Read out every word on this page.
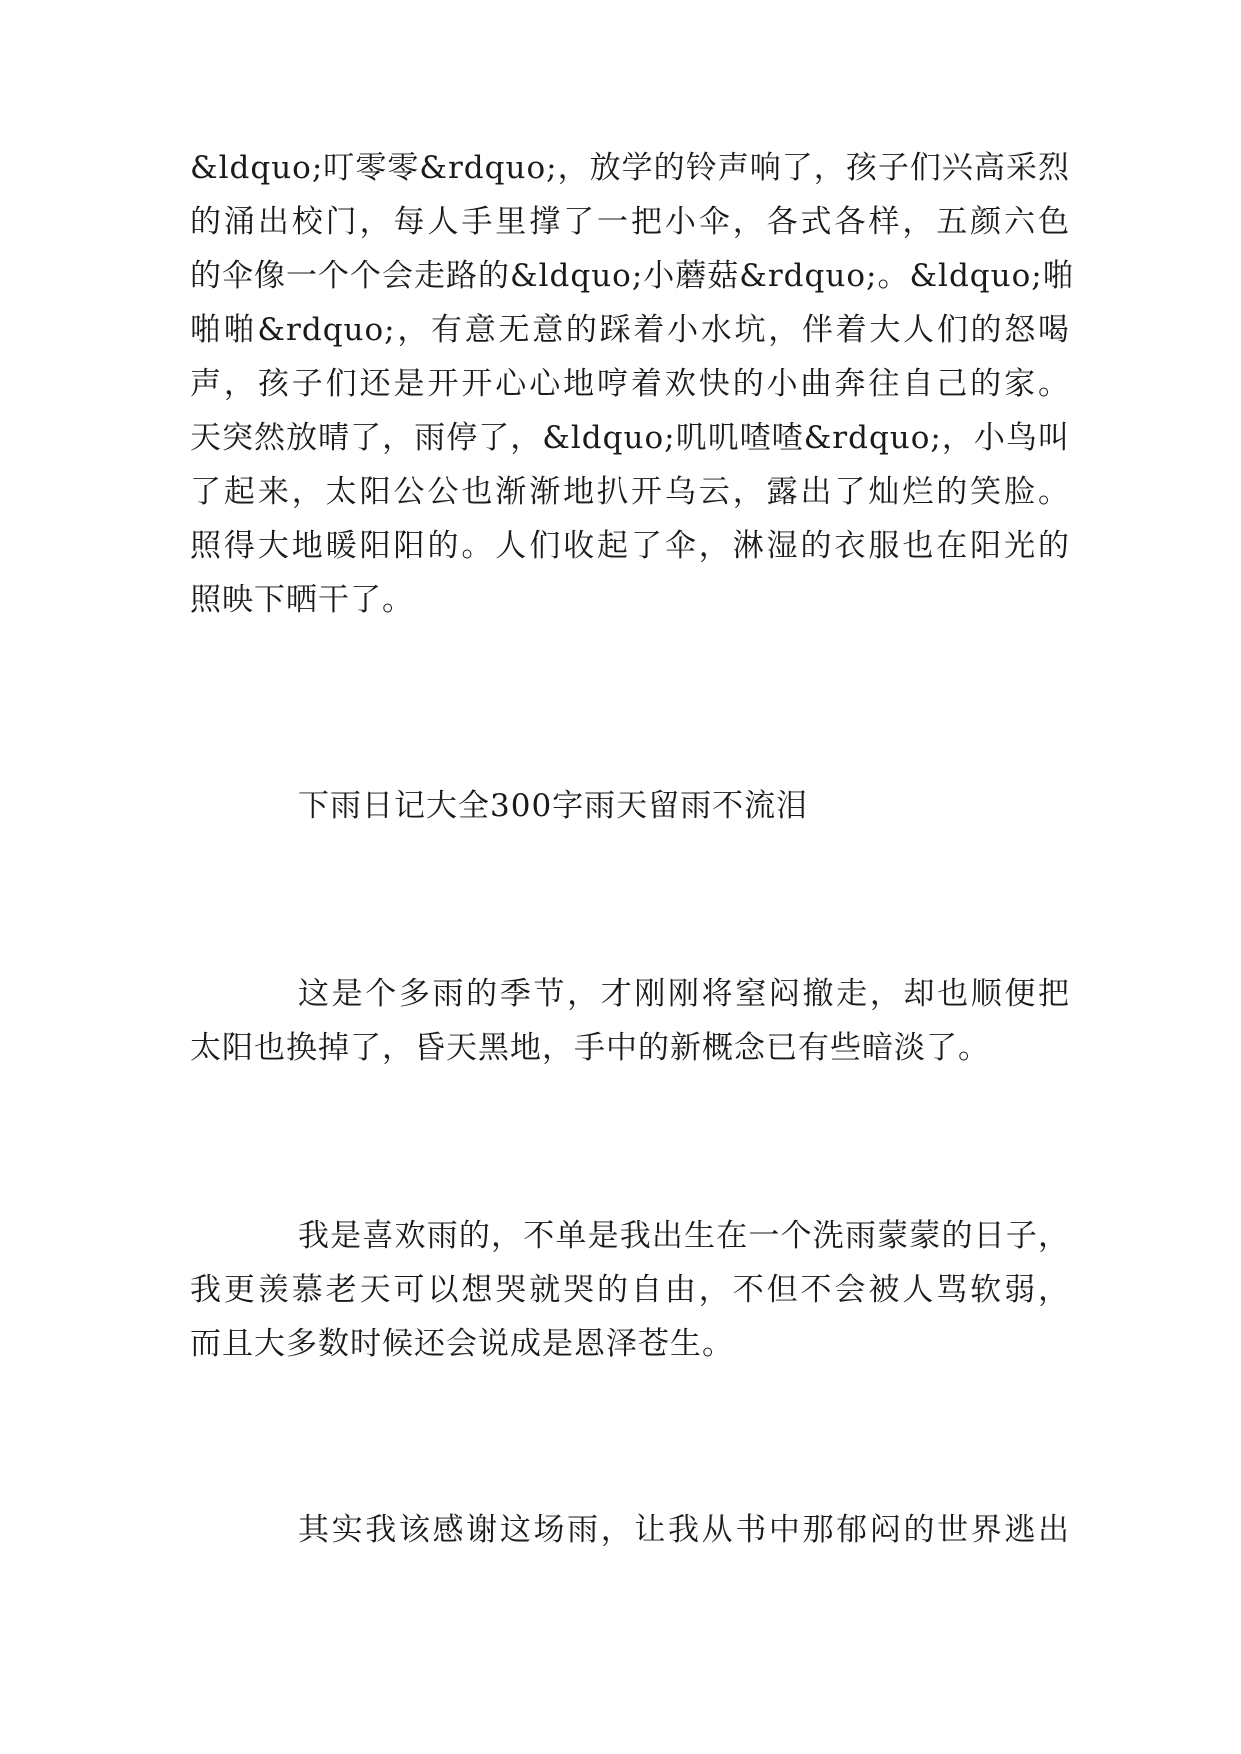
&ldquo;叮零零&rdquo;，放学的铃声响了，孩子们兴高采烈
的涌出校门，每人手里撑了一把小伞，各式各样，五颜六色
的伞像一个个会走路的&ldquo;小蘑菇&rdquo;。&ldquo;啪
啪啪&rdquo;，有意无意的踩着小水坑，伴着大人们的怒喝
声，孩子们还是开开心心地哼着欢快的小曲奔往自己的家。
天突然放晴了，雨停了，&ldquo;叽叽喳喳&rdquo;，小鸟叫
了起来，太阳公公也渐渐地扒开乌云，露出了灿烂的笑脸。
照得大地暖阳阳的。人们收起了伞，淋湿的衣服也在阳光的
照映下晒干了。
下雨日记大全300字雨天留雨不流泪
这是个多雨的季节，才刚刚将窒闷撤走，却也顺便把
太阳也换掉了，昏天黑地，手中的新概念已有些暗淡了。
我是喜欢雨的，不单是我出生在一个洗雨蒙蒙的日子，
我更羡慕老天可以想哭就哭的自由，不但不会被人骂软弱，
而且大多数时候还会说成是恩泽苍生。
其实我该感谢这场雨，让我从书中那郁闷的世界逃出
